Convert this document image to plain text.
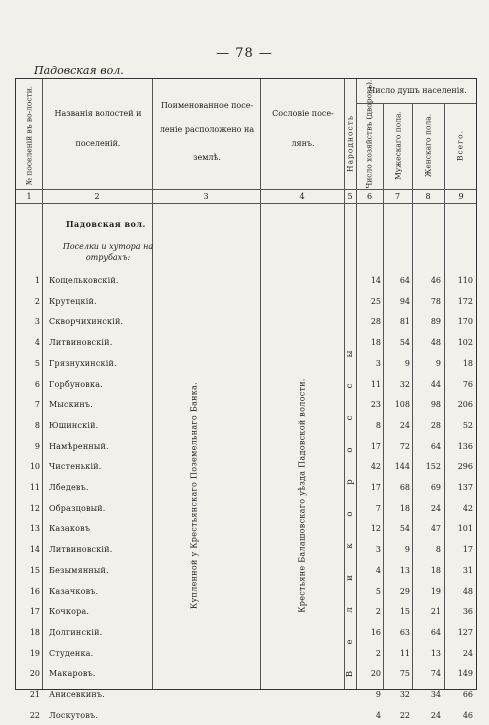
— 78 —
Падовская вол.
№ поселеній въ во-лости.	Названія волостей и
поселеній.
Поименованное посе-
леніе расположено на
землѣ.
Сословіе посе-
лянъ.	Народность
Число душъ населенія.
Число хозяйствъ (дворовъ).	Мужескаго пола.	Женскаго пола.	Всего.
1	2	3	4	5	6	7	8	9
Падовская вол.
Поселки и хутора на отрубахъ:
Купленной у Крестьянскаго Поземельнаго Банка.	Крестьяне Балашовскаго уѣзда Падовской волости.
В
е
л
и
к
о
р
о
с
с
ы
1 Кощельковскій.	14	64	46	110
2 Крутецкій.	25	94	78	172
3 Скворчихинскій.	28	81	89	170
4 Литвиновскій.	18	54	48	102
5 Грязнухинскій.	3	9	9	18
6 Горбуновка.	11	32	44	76
7 Мыскинъ.	23	108	98	206
8 Юшинскій.	8	24	28	52
9 Намѣренный.	17	72	64	136
10 Чистенькій.	42	144	152	296
11 Лбедевъ.	17	68	69	137
12 Образцовый.	7	18	24	42
13 Казаковъ	12	54	47	101
14 Литвиновскій.	3	9	8	17
15 Безымянный.	4	13	18	31
16 Казачковъ.	5	29	19	48
17 Кочкора.	2	15	21	36
18 Долгинскій.	16	63	64	127
19 Студенка.	2	11	13	24
20 Макаровъ.	20	75	74	149
21 Анисевкинъ.	9	32	34	66
22 Лоскутовъ.	4	22	24	46
